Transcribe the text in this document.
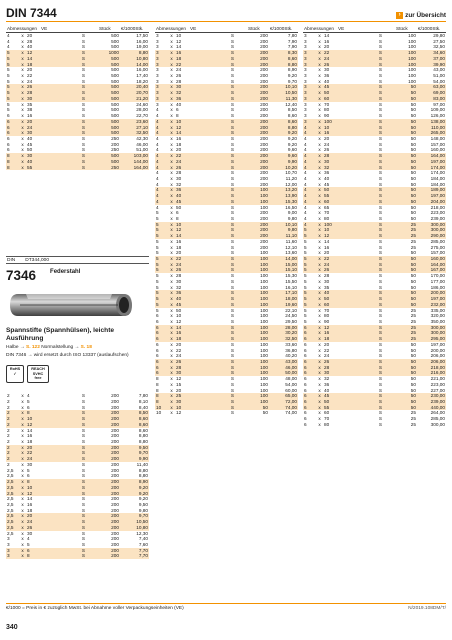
DIN 7344	› zur Übersicht
Abmessungen			VE		Stück	€/1000Stk.
4	x	20	S		500	17,50
4	x	28	S		500	16,00
4	x	40	S		500	19,00
5	x	12	S		1000	8,80
5	x	14	S		500	10,80
5	x	18	S		500	14,00
5	x	20	S		500	16,00
5	x	22	S		500	17,40
5	x	24	S		500	18,20
5	x	26	S		500	20,40
5	x	28	S		500	20,70
5	x	30	S		500	21,20
5	x	35	S		500	24,60
5	x	38	S		500	28,00
6	x	16	S		500	22,70
6	x	20	S		500	23,60
6	x	24	S		500	27,10
6	x	30	S		500	32,50
6	x	40	S		250	42,30
6	x	45	S		200	46,00
6	x	50	S		250	51,00
8	x	30	S		500	103,00
8	x	40	S		500	144,00
8	x	55	S		250	164,00

2	x	4	S		200	7,80
2	x	5	S		200	8,10
2	x	6	S		200	8,40
2	x	8	S		200	8,50
2	x	10	S		200	8,60
2	x	12	S		200	8,60
2	x	14	S		200	8,60
2	x	16	S		200	8,80
2	x	18	S		200	8,80
2	x	20	S		200	9,50
2	x	22	S		200	9,70
2	x	24	S		200	9,90
2	x	30	S		200	11,40
2,5	x	5	S		200	8,80
2,5	x	6	S		200	8,80
2,5	x	8	S		200	8,90
2,5	x	10	S		200	9,20
2,5	x	12	S		200	9,20
2,5	x	14	S		200	9,20
2,5	x	16	S		200	9,50
2,5	x	18	S		200	9,80
2,5	x	20	S		200	9,70
2,5	x	24	S		200	10,50
2,5	x	26	S		200	10,80
2,5	x	30	S		200	12,30
3	x	4	S		200	7,40
3	x	5	S		200	7,60
3	x	6	S		200	7,70
3	x	8	S		200	7,70
Abmessungen			VE		Stück	€/1000Stk.
3	x	10	S		200	7,80
3	x	12	S		200	7,90
3	x	14	S		200	7,90
3	x	16	S		200	8,30
3	x	18	S		200	8,60
3	x	22	S		200	8,80
3	x	24	S		200	8,90
3	x	26	S		200	9,20
3	x	28	S		200	9,70
3	x	30	S		200	10,10
3	x	32	S		200	10,50
3	x	36	S		200	11,30
3	x	40	S		200	12,40
4	x	6	S		200	8,50
4	x	8	S		200	8,60
4	x	10	S		200	8,60
4	x	12	S		200	8,80
4	x	14	S		200	9,20
4	x	16	S		200	9,20
4	x	18	S		200	9,20
4	x	20	S		200	9,60
4	x	22	S		200	9,60
4	x	24	S		200	9,90
4	x	26	S		200	10,20
4	x	28	S		200	10,70
4	x	30	S		200	11,20
4	x	32	S		200	12,00
4	x	36	S		100	13,20
4	x	40	S		100	13,90
4	x	45	S		100	15,30
4	x	50	S		100	16,50
5	x	6	S		200	9,00
5	x	8	S		200	9,80
5	x	10	S		200	10,10
5	x	12	S		200	9,80
5	x	14	S		200	11,10
5	x	16	S		200	11,60
5	x	18	S		200	12,10
5	x	20	S		100	13,60
5	x	22	S		100	14,00
5	x	24	S		100	15,00
5	x	26	S		100	15,10
5	x	28	S		100	15,30
5	x	30	S		100	15,50
5	x	32	S		100	16,10
5	x	36	S		100	17,10
5	x	40	S		100	18,00
5	x	45	S		100	19,60
5	x	50	S		100	22,10
6	x	10	S		100	24,50
6	x	12	S		100	29,50
6	x	14	S		100	28,00
6	x	16	S		100	30,20
6	x	18	S		100	32,50
6	x	20	S		100	33,60
6	x	22	S		100	36,80
6	x	24	S		100	40,20
6	x	26	S		100	43,00
6	x	28	S		100	46,00
6	x	30	S		100	50,00
8	x	12	S		100	48,00
8	x	15	S		100	54,00
8	x	20	S		100	60,00
8	x	25	S		100	65,00
8	x	30	S		100	72,00
10	x	10	S		50	74,00
10	x	12	S		50	74,00
Abmessungen			VE		Stück	€/1000Stk.
3	x	14	S		100	29,80
3	x	16	S		100	27,50
3	x	20	S		100	32,50
3	x	22	S		100	34,60
3	x	24	S		100	37,00
3	x	26	S		100	39,90
3	x	30	S		100	43,00
3	x	36	S		100	51,00
3	x	40	S		100	54,00
3	x	45	S		50	63,00
3	x	50	S		50	69,00
3	x	60	S		50	83,00
3	x	70	S		50	97,00
3	x	80	S		50	109,00
3	x	90	S		50	126,00
3	x	100	S		50	138,00
4	x	10	S		50	110,00
4	x	16	S		50	265,00
4	x	20	S		50	148,00
4	x	24	S		50	157,00
4	x	26	S		50	160,00
4	x	28	S		50	164,00
4	x	30	S		50	197,00
4	x	32	S		50	174,00
4	x	36	S		50	174,00
4	x	40	S		50	184,00
4	x	45	S		50	184,00
4	x	50	S		50	189,00
4	x	55	S		50	197,00
4	x	60	S		50	204,00
4	x	65	S		50	218,00
4	x	70	S		50	223,00
4	x	80	S		50	239,00
4	x	100	S		25	300,00
5	x	10	S		25	300,00
5	x	12	S		25	290,00
5	x	14	S		25	285,00
5	x	16	S		25	275,00
5	x	20	S		50	157,00
5	x	22	S		50	160,00
5	x	24	S		50	164,00
5	x	26	S		50	167,00
5	x	28	S		50	170,00
5	x	30	S		50	177,00
5	x	35	S		50	186,00
5	x	40	S		50	200,00
5	x	50	S		50	197,00
5	x	60	S		50	232,00
5	x	70	S		25	335,00
5	x	80	S		25	320,00
5	x	90	S		25	350,00
6	x	12	S		25	300,00
6	x	16	S		25	300,00
6	x	18	S		25	295,00
6	x	20	S		50	197,00
6	x	22	S		50	200,00
6	x	24	S		50	206,00
6	x	26	S		50	206,00
6	x	28	S		50	218,00
6	x	30	S		50	216,00
6	x	32	S		50	221,00
6	x	36	S		50	223,00
6	x	40	S		50	227,00
6	x	45	S		50	230,00
6	x	50	S		50	239,00
6	x	55	S		50	440,00
6	x	60	S		25	264,00
6	x	70	S		25	285,00
6	x	80	S		25	300,00
DIN DT344,000
7346 Federstahl
Spannstifte (Spannhülsen), leichte Ausführung
Halbe → S. 122 Normalstellung → S. 18
DIN 7346 → wird ersetzt durch ISO 13337 (auslaufschen)
RoHS ✓
REACH SVHC free
€/1000 = Preis in € zuzüglich MwSt. bei Abnahme voller Verpackungseinheiten (VE)	N/2019.108DM/T/
340
